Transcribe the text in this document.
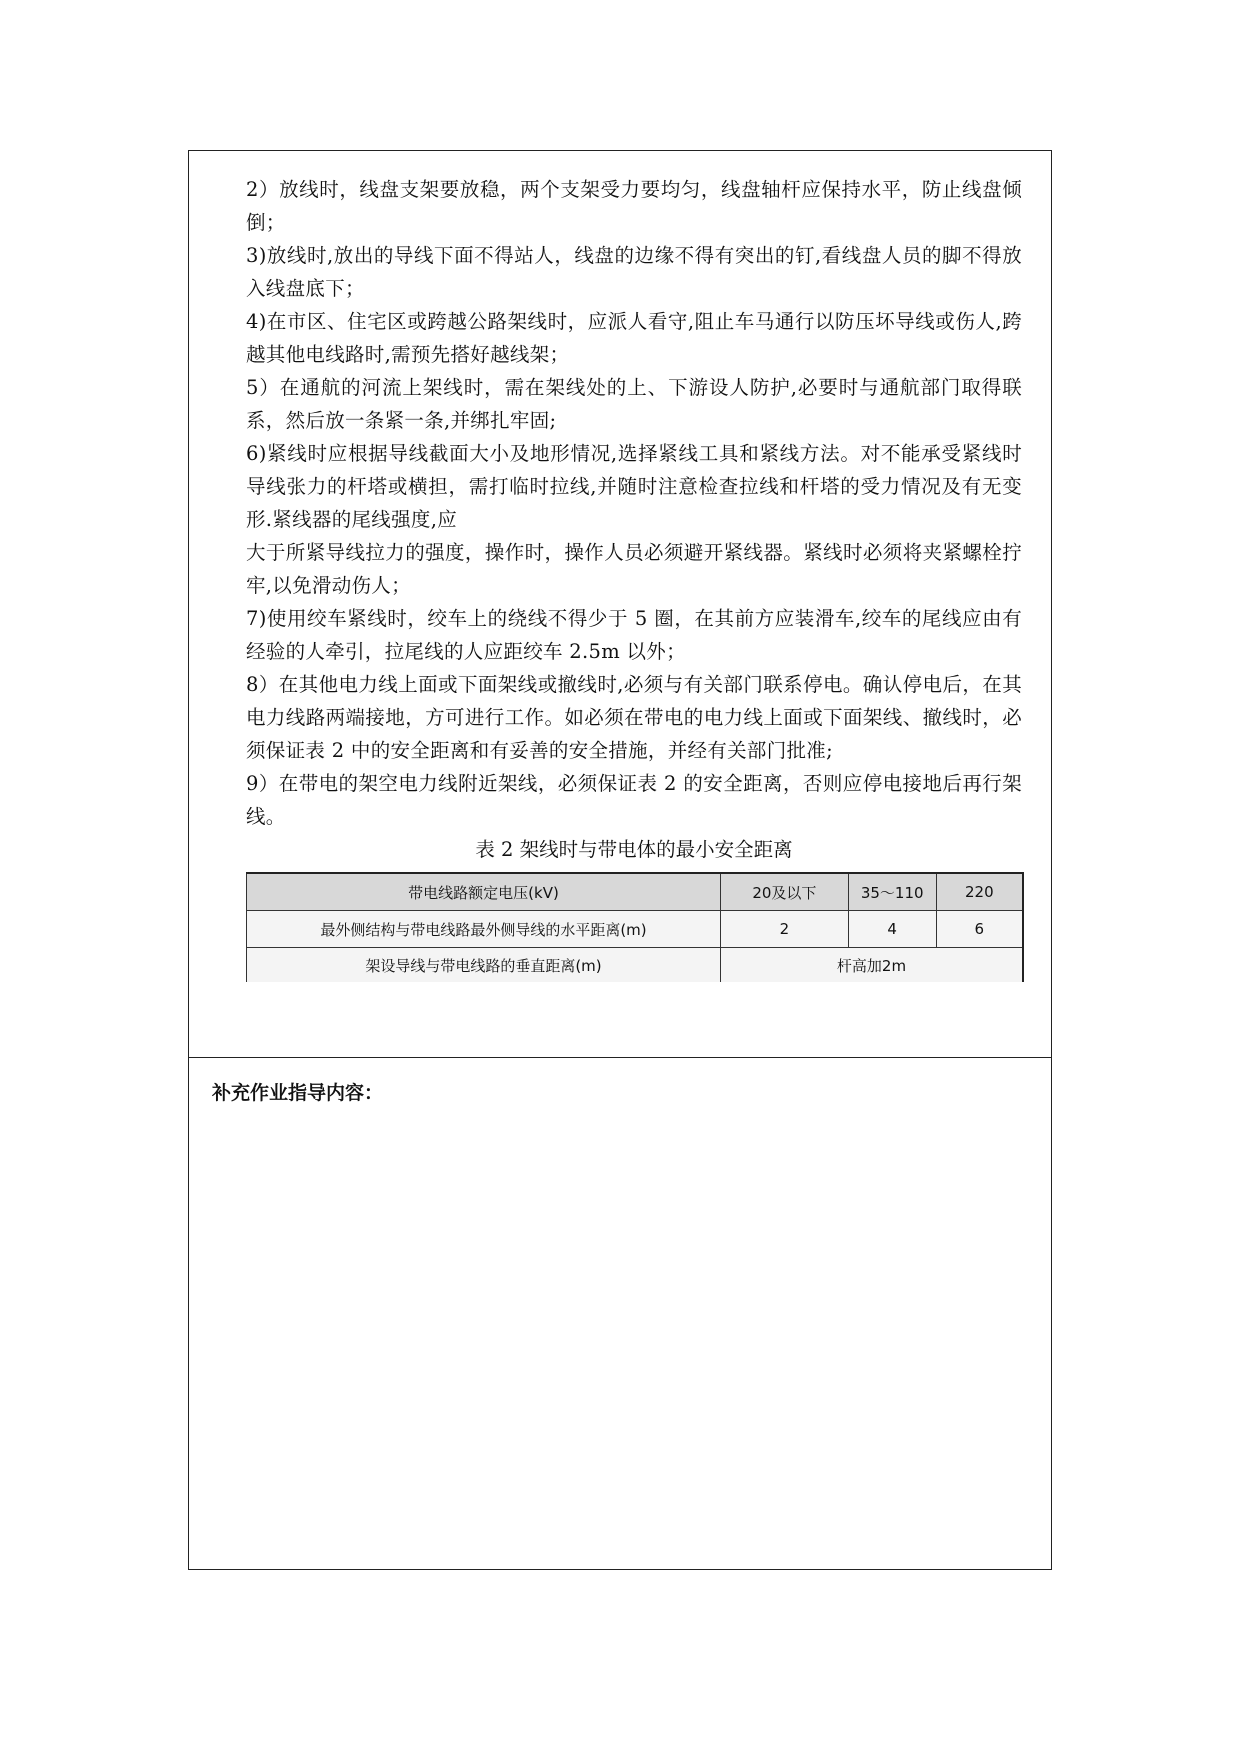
2）放线时，线盘支架要放稳，两个支架受力要均匀，线盘轴杆应保持水平，防止线盘倾倒；

3)放线时,放出的导线下面不得站人，线盘的边缘不得有突出的钉,看线盘人员的脚不得放入线盘底下；

4)在市区、住宅区或跨越公路架线时，应派人看守,阻止车马通行以防压坏导线或伤人,跨越其他电线路时,需预先搭好越线架；

5）在通航的河流上架线时，需在架线处的上、下游设人防护,必要时与通航部门取得联系，然后放一条紧一条,并绑扎牢固;

6)紧线时应根据导线截面大小及地形情况,选择紧线工具和紧线方法。对不能承受紧线时导线张力的杆塔或横担，需打临时拉线,并随时注意检查拉线和杆塔的受力情况及有无变形.紧线器的尾线强度,应

大于所紧导线拉力的强度，操作时，操作人员必须避开紧线器。紧线时必须将夹紧螺栓拧牢,以免滑动伤人；

7)使用绞车紧线时，绞车上的绕线不得少于 5 圈，在其前方应装滑车,绞车的尾线应由有经验的人牵引，拉尾线的人应距绞车 2.5m 以外；

8）在其他电力线上面或下面架线或撤线时,必须与有关部门联系停电。确认停电后，在其电力线路两端接地，方可进行工作。如必须在带电的电力线上面或下面架线、撤线时，必须保证表 2 中的安全距离和有妥善的安全措施，并经有关部门批准;

9）在带电的架空电力线附近架线，必须保证表 2 的安全距离，否则应停电接地后再行架线。

表 2 架线时与带电体的最小安全距离

带电线路额定电压(kV)	20及以下	35～110	220
最外侧结构与带电线路最外侧导线的水平距离(m)	2	4	6
架设导线与带电线路的垂直距离(m)	杆高加2m		
补充作业指导内容：
